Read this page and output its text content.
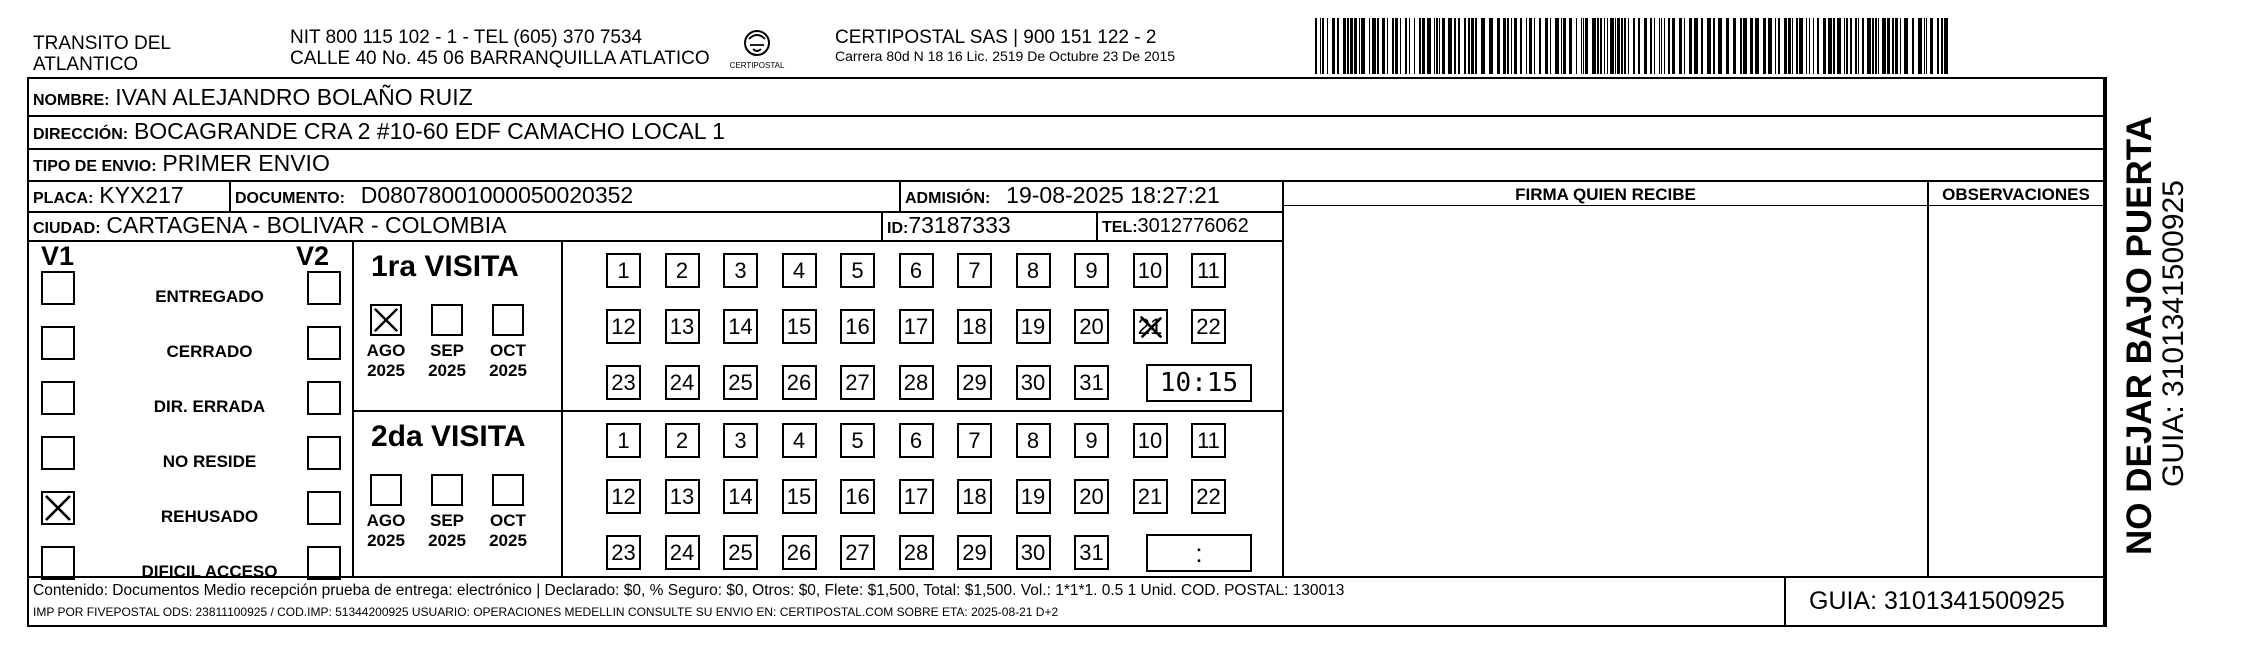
TRANSITO DEL
ATLANTICO
NIT 800 115 102 - 1 - TEL (605) 370 7534
CALLE 40 No. 45 06 BARRANQUILLA ATLATICO	CERTIPOSTAL
CERTIPOSTAL SAS | 900 151 122 - 2
Carrera 80d N 18 16 Lic. 2519 De Octubre 23 De 2015
NOMBRE: IVAN ALEJANDRO BOLAÑO RUIZ
DIRECCIÓN: BOCAGRANDE CRA 2 #10-60 EDF CAMACHO LOCAL 1
TIPO DE ENVIO: PRIMER ENVIO
PLACA: KYX217	DOCUMENTO: D08078001000050020352	ADMISIÓN: 19-08-2025 18:27:21
CIUDAD: CARTAGENA - BOLIVAR - COLOMBIA	ID:73187333	TEL:3012776062
FIRMA QUIEN RECIBE	OBSERVACIONES
V1	V2
ENTREGADO
CERRADO
DIR. ERRADA
NO RESIDE
REHUSADO
DIFICIL ACCESO
1ra VISITA
AGO
2025
SEP
2025
OCT
2025
1	2	3	4	5	6	7	8	9	10 11
12 13 14 15 16 17 18 19 20 21 22
23 24 25 26 27 28 29 30 31	10:15
2da VISITA
AGO
2025
SEP
2025
OCT
2025
1	2	3	4	5	6	7	8	9	10 11
12 13 14 15 16 17 18 19 20 21 22
23 24 25 26 27 28 29 30 31	:
Contenido: Documentos Medio recepción prueba de entrega: electrónico | Declarado: $0, % Seguro: $0, Otros: $0, Flete: $1,500, Total: $1,500. Vol.: 1*1*1. 0.5 1 Unid. COD. POSTAL: 130013
IMP POR FIVEPOSTAL ODS: 23811100925 / COD.IMP: 51344200925 USUARIO: OPERACIONES MEDELLIN CONSULTE SU ENVIO EN: CERTIPOSTAL.COM SOBRE ETA: 2025-08-21 D+2	GUIA: 3101341500925
NO DEJAR BAJO PUERTA
GUIA: 3101341500925
